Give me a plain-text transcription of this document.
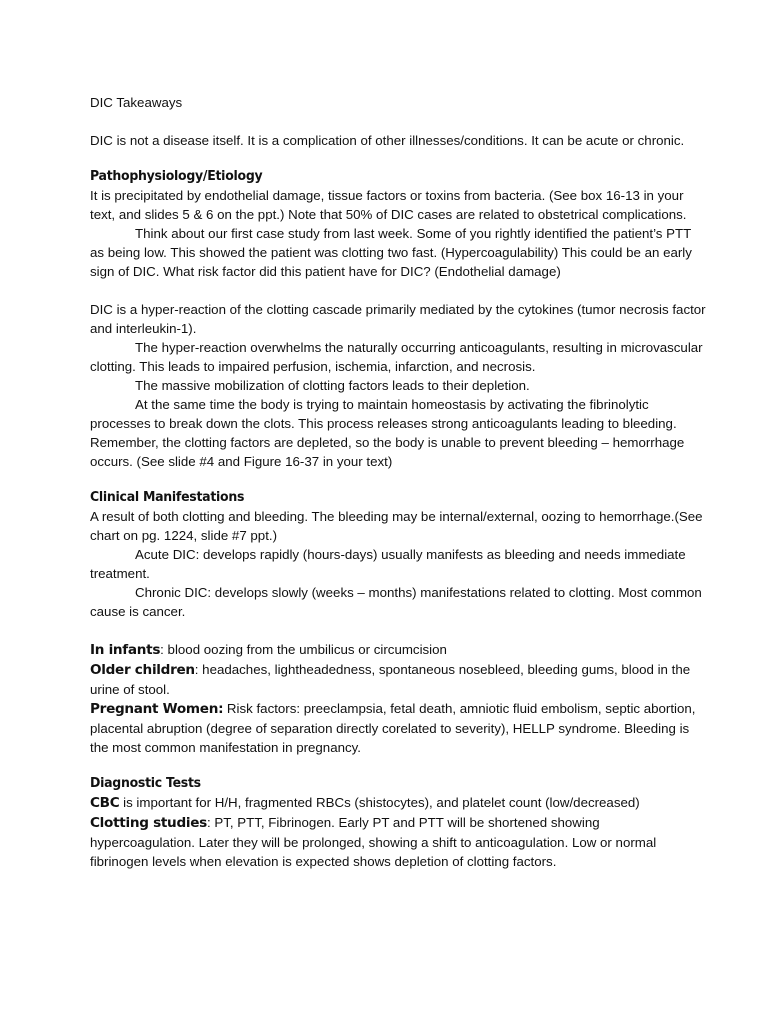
DIC Takeaways

DIC is not a disease itself. It is a complication of other illnesses/conditions. It can be acute or chronic.

Pathophysiology/Etiology

It is precipitated by endothelial damage, tissue factors or toxins from bacteria. (See box 16-13 in your text, and slides 5 & 6 on the ppt.) Note that 50% of DIC cases are related to obstetrical complications.

Think about our first case study from last week. Some of you rightly identified the patient’s PTT as being low. This showed the patient was clotting two fast. (Hypercoagulability) This could be an early sign of DIC. What risk factor did this patient have for DIC? (Endothelial damage)

DIC is a hyper-reaction of the clotting cascade primarily mediated by the cytokines (tumor necrosis factor and interleukin-1).

The hyper-reaction overwhelms the naturally occurring anticoagulants, resulting in microvascular clotting. This leads to impaired perfusion, ischemia, infarction, and necrosis.

The massive mobilization of clotting factors leads to their depletion.

At the same time the body is trying to maintain homeostasis by activating the fibrinolytic processes to break down the clots. This process releases strong anticoagulants leading to bleeding. Remember, the clotting factors are depleted, so the body is unable to prevent bleeding – hemorrhage occurs. (See slide #4 and Figure 16-37 in your text)

Clinical Manifestations

A result of both clotting and bleeding. The bleeding may be internal/external, oozing to hemorrhage.(See chart on pg. 1224, slide #7 ppt.)

Acute DIC: develops rapidly (hours-days) usually manifests as bleeding and needs immediate treatment.

Chronic DIC: develops slowly (weeks – months) manifestations related to clotting. Most common cause is cancer.

In infants: blood oozing from the umbilicus or circumcision

Older children: headaches, lightheadedness, spontaneous nosebleed, bleeding gums, blood in the urine of stool.

Pregnant Women: Risk factors: preeclampsia, fetal death, amniotic fluid embolism, septic abortion, placental abruption (degree of separation directly corelated to severity), HELLP syndrome. Bleeding is the most common manifestation in pregnancy.

Diagnostic Tests

CBC is important for H/H, fragmented RBCs (shistocytes), and platelet count (low/decreased)

Clotting studies: PT, PTT, Fibrinogen. Early PT and PTT will be shortened showing hypercoagulation. Later they will be prolonged, showing a shift to anticoagulation. Low or normal fibrinogen levels when elevation is expected shows depletion of clotting factors.
